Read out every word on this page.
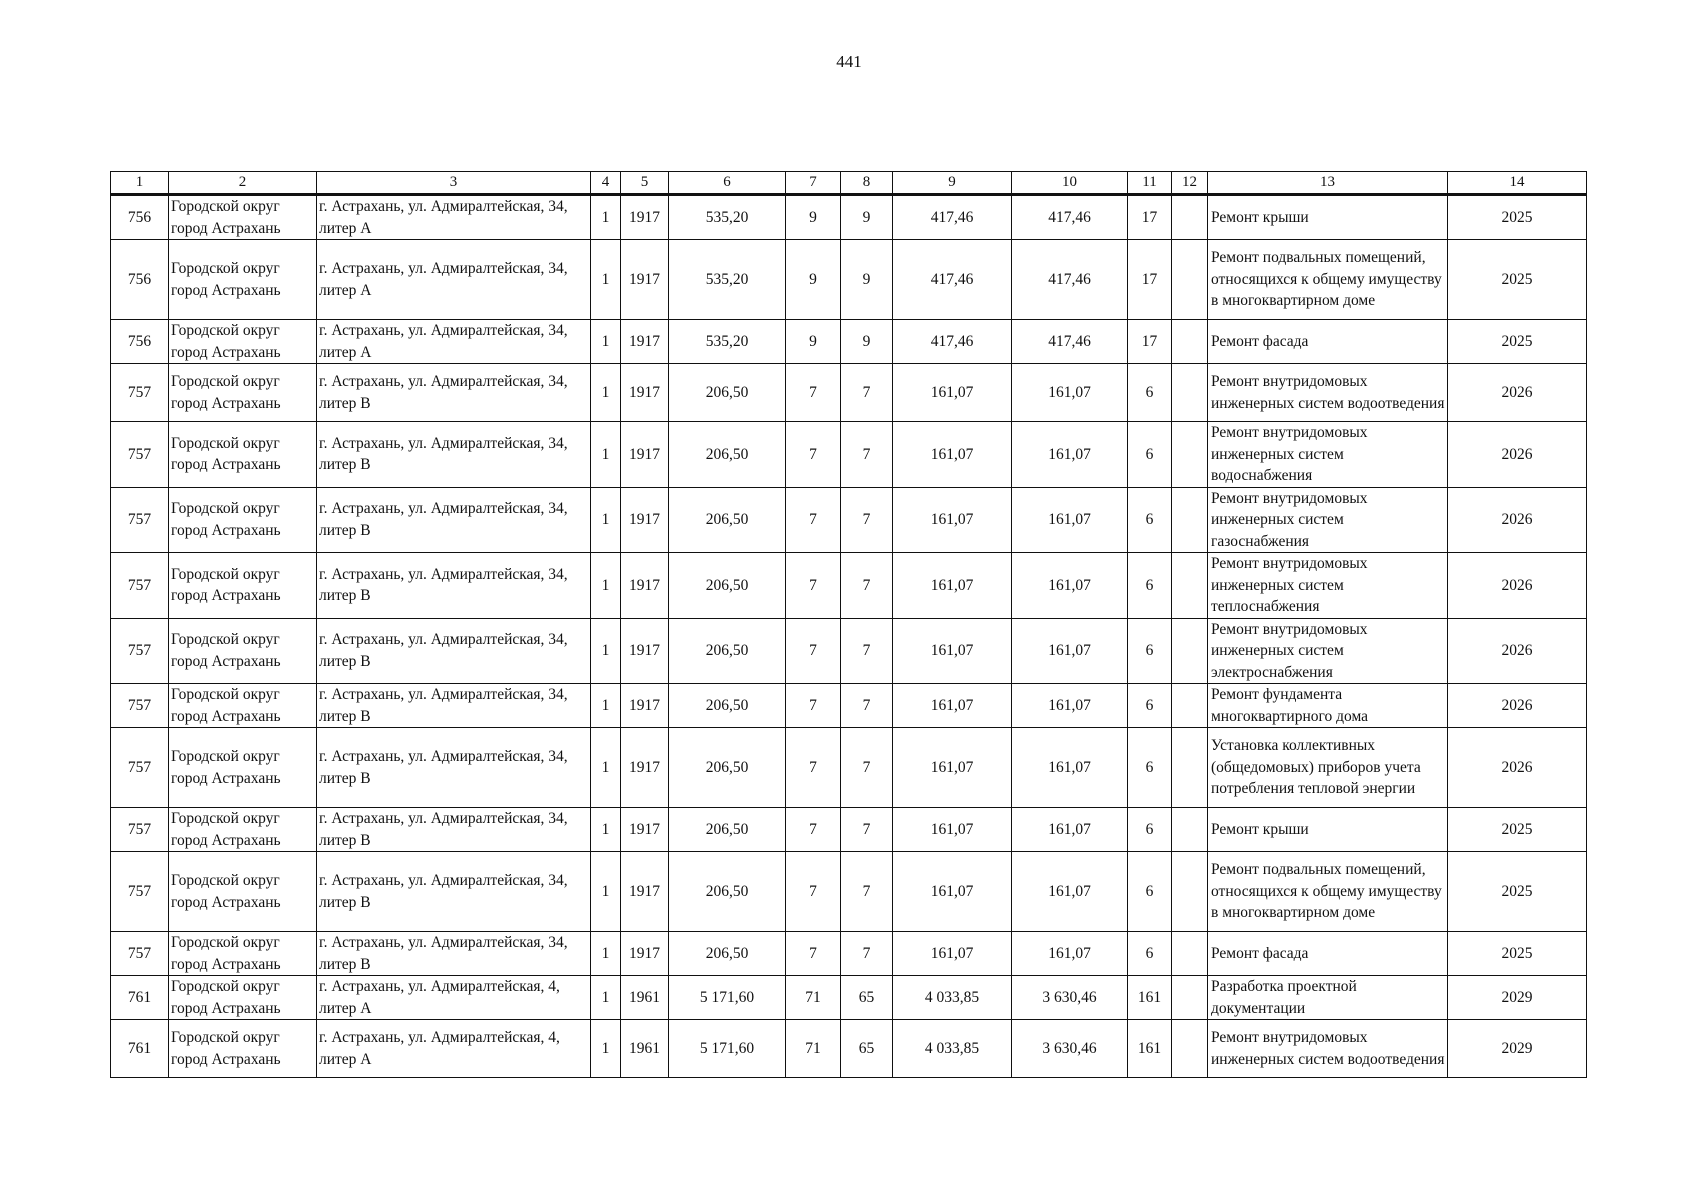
441
1	2	3	4	5	6	7	8	9	10	11	12	13	14
756	Городской округ город Астрахань	г. Астрахань, ул. Адмиралтейская, 34, литер А	1	1917	535,20	9	9	417,46	417,46	17		Ремонт крыши	2025
756	Городской округ город Астрахань	г. Астрахань, ул. Адмиралтейская, 34, литер А	1	1917	535,20	9	9	417,46	417,46	17		Ремонт подвальных помещений, относящихся к общему имуществу в многоквартирном доме	2025
756	Городской округ город Астрахань	г. Астрахань, ул. Адмиралтейская, 34, литер А	1	1917	535,20	9	9	417,46	417,46	17		Ремонт фасада	2025
757	Городской округ город Астрахань	г. Астрахань, ул. Адмиралтейская, 34, литер В	1	1917	206,50	7	7	161,07	161,07	6		Ремонт внутридомовых инженерных систем водоотведения	2026
757	Городской округ город Астрахань	г. Астрахань, ул. Адмиралтейская, 34, литер В	1	1917	206,50	7	7	161,07	161,07	6		Ремонт внутридомовых инженерных систем водоснабжения	2026
757	Городской округ город Астрахань	г. Астрахань, ул. Адмиралтейская, 34, литер В	1	1917	206,50	7	7	161,07	161,07	6		Ремонт внутридомовых инженерных систем газоснабжения	2026
757	Городской округ город Астрахань	г. Астрахань, ул. Адмиралтейская, 34, литер В	1	1917	206,50	7	7	161,07	161,07	6		Ремонт внутридомовых инженерных систем теплоснабжения	2026
757	Городской округ город Астрахань	г. Астрахань, ул. Адмиралтейская, 34, литер В	1	1917	206,50	7	7	161,07	161,07	6		Ремонт внутридомовых инженерных систем электроснабжения	2026
757	Городской округ город Астрахань	г. Астрахань, ул. Адмиралтейская, 34, литер В	1	1917	206,50	7	7	161,07	161,07	6		Ремонт фундамента многоквартирного дома	2026
757	Городской округ город Астрахань	г. Астрахань, ул. Адмиралтейская, 34, литер В	1	1917	206,50	7	7	161,07	161,07	6		Установка коллективных (общедомовых) приборов учета потребления тепловой энергии	2026
757	Городской округ город Астрахань	г. Астрахань, ул. Адмиралтейская, 34, литер В	1	1917	206,50	7	7	161,07	161,07	6		Ремонт крыши	2025
757	Городской округ город Астрахань	г. Астрахань, ул. Адмиралтейская, 34, литер В	1	1917	206,50	7	7	161,07	161,07	6		Ремонт подвальных помещений, относящихся к общему имуществу в многоквартирном доме	2025
757	Городской округ город Астрахань	г. Астрахань, ул. Адмиралтейская, 34, литер В	1	1917	206,50	7	7	161,07	161,07	6		Ремонт фасада	2025
761	Городской округ город Астрахань	г. Астрахань, ул. Адмиралтейская, 4, литер А	1	1961	5 171,60	71	65	4 033,85	3 630,46	161		Разработка проектной документации	2029
761	Городской округ город Астрахань	г. Астрахань, ул. Адмиралтейская, 4, литер А	1	1961	5 171,60	71	65	4 033,85	3 630,46	161		Ремонт внутридомовых инженерных систем водоотведения	2029
